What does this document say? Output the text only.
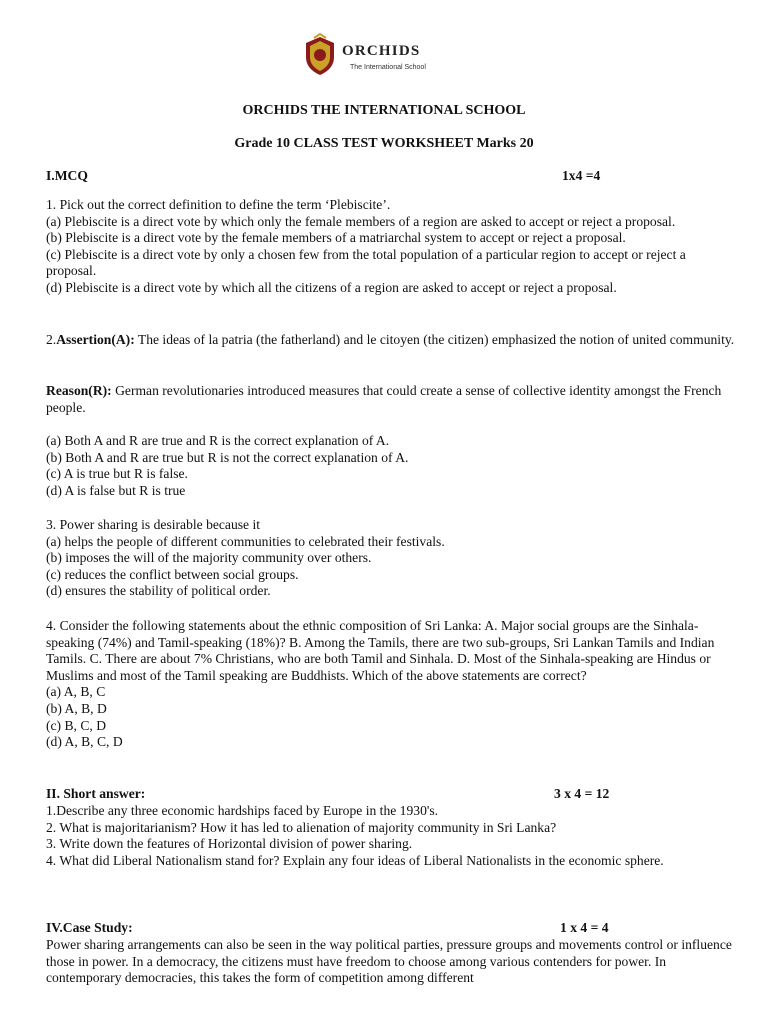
ORCHIDS
The International School
ORCHIDS THE INTERNATIONAL SCHOOL
Grade 10 CLASS TEST WORKSHEET Marks 20
I.MCQ	1x4 =4

1. Pick out the correct definition to define the term ‘Plebiscite’.

(a) Plebiscite is a direct vote by which only the female members of a region are asked to accept or reject a proposal.

(b) Plebiscite is a direct vote by the female members of a matriarchal system to accept or reject a proposal.

(c) Plebiscite is a direct vote by only a chosen few from the total population of a particular region to accept or reject a proposal.

(d) Plebiscite is a direct vote by which all the citizens of a region are asked to accept or reject a proposal.

2.Assertion(A): The ideas of la patria (the fatherland) and le citoyen (the citizen) emphasized the notion of united community.

Reason(R): German revolutionaries introduced measures that could create a sense of collective identity amongst the French people.

(a) Both A and R are true and R is the correct explanation of A.

(b) Both A and R are true but R is not the correct explanation of A.

(c) A is true but R is false.

(d) A is false but R is true

3. Power sharing is desirable because it

(a) helps the people of different communities to celebrated their festivals.

(b) imposes the will of the majority community over others.

(c) reduces the conflict between social groups.

(d) ensures the stability of political order.

4. Consider the following statements about the ethnic composition of Sri Lanka: A. Major social groups are the Sinhala- speaking (74%) and Tamil-speaking (18%)? B. Among the Tamils, there are two sub-groups, Sri Lankan Tamils and Indian Tamils. C. There are about 7% Christians, who are both Tamil and Sinhala. D. Most of the Sinhala-speaking are Hindus or Muslims and most of the Tamil speaking are Buddhists. Which of the above statements are correct?

(a) A, B, C

(b) A, B, D

(c) B, C, D

(d) A, B, C, D

II. Short answer:	3 x 4 = 12

1.Describe any three economic hardships faced by Europe in the 1930's.

2. What is majoritarianism? How it has led to alienation of majority community in Sri Lanka?

3. Write down the features of Horizontal division of power sharing.

4. What did Liberal Nationalism stand for? Explain any four ideas of Liberal Nationalists in the economic sphere.

IV.Case Study:	1 x 4 = 4

Power sharing arrangements can also be seen in the way political parties, pressure groups and movements control or influence those in power. In a democracy, the citizens must have freedom to choose among various contenders for power. In contemporary democracies, this takes the form of competition among different
